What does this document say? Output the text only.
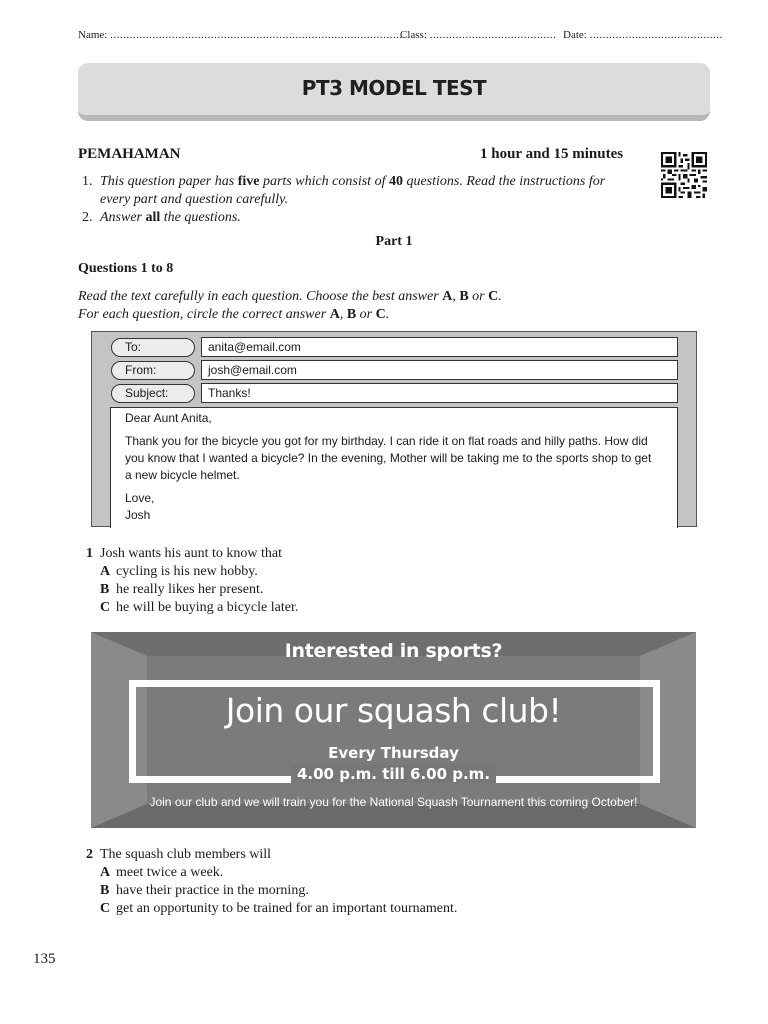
Name: ...........................................................................................
Class: ....................................... Date: .........................................
PT3 MODEL TEST
PEMAHAMAN	1 hour and 15 minutes
1. This question paper has five parts which consist of 40 questions. Read the instructions for
every part and question carefully.
2. Answer all the questions.
Part 1
Questions 1 to 8
Read the text carefully in each question. Choose the best answer A, B or C.
For each question, circle the correct answer A, B or C.
To:	anita@email.com
From:	josh@email.com
Subject:	Thanks!

Dear Aunt Anita,

Thank you for the bicycle you got for my birthday. I can ride it on flat roads and hilly paths. How did

you know that I wanted a bicycle? In the evening, Mother will be taking me to the sports shop to get

a new bicycle helmet.

Love,

Josh

1 Josh wants his aunt to know that
A cycling is his new hobby.
B he really likes her present.
C he will be buying a bicycle later.
Interested in sports?
Join our squash club!
Every Thursday
4.00 p.m. till 6.00 p.m.
Join our club and we will train you for the National Squash Tournament this coming October!
2 The squash club members will
A meet twice a week.
B have their practice in the morning.
C get an opportunity to be trained for an important tournament.
135
